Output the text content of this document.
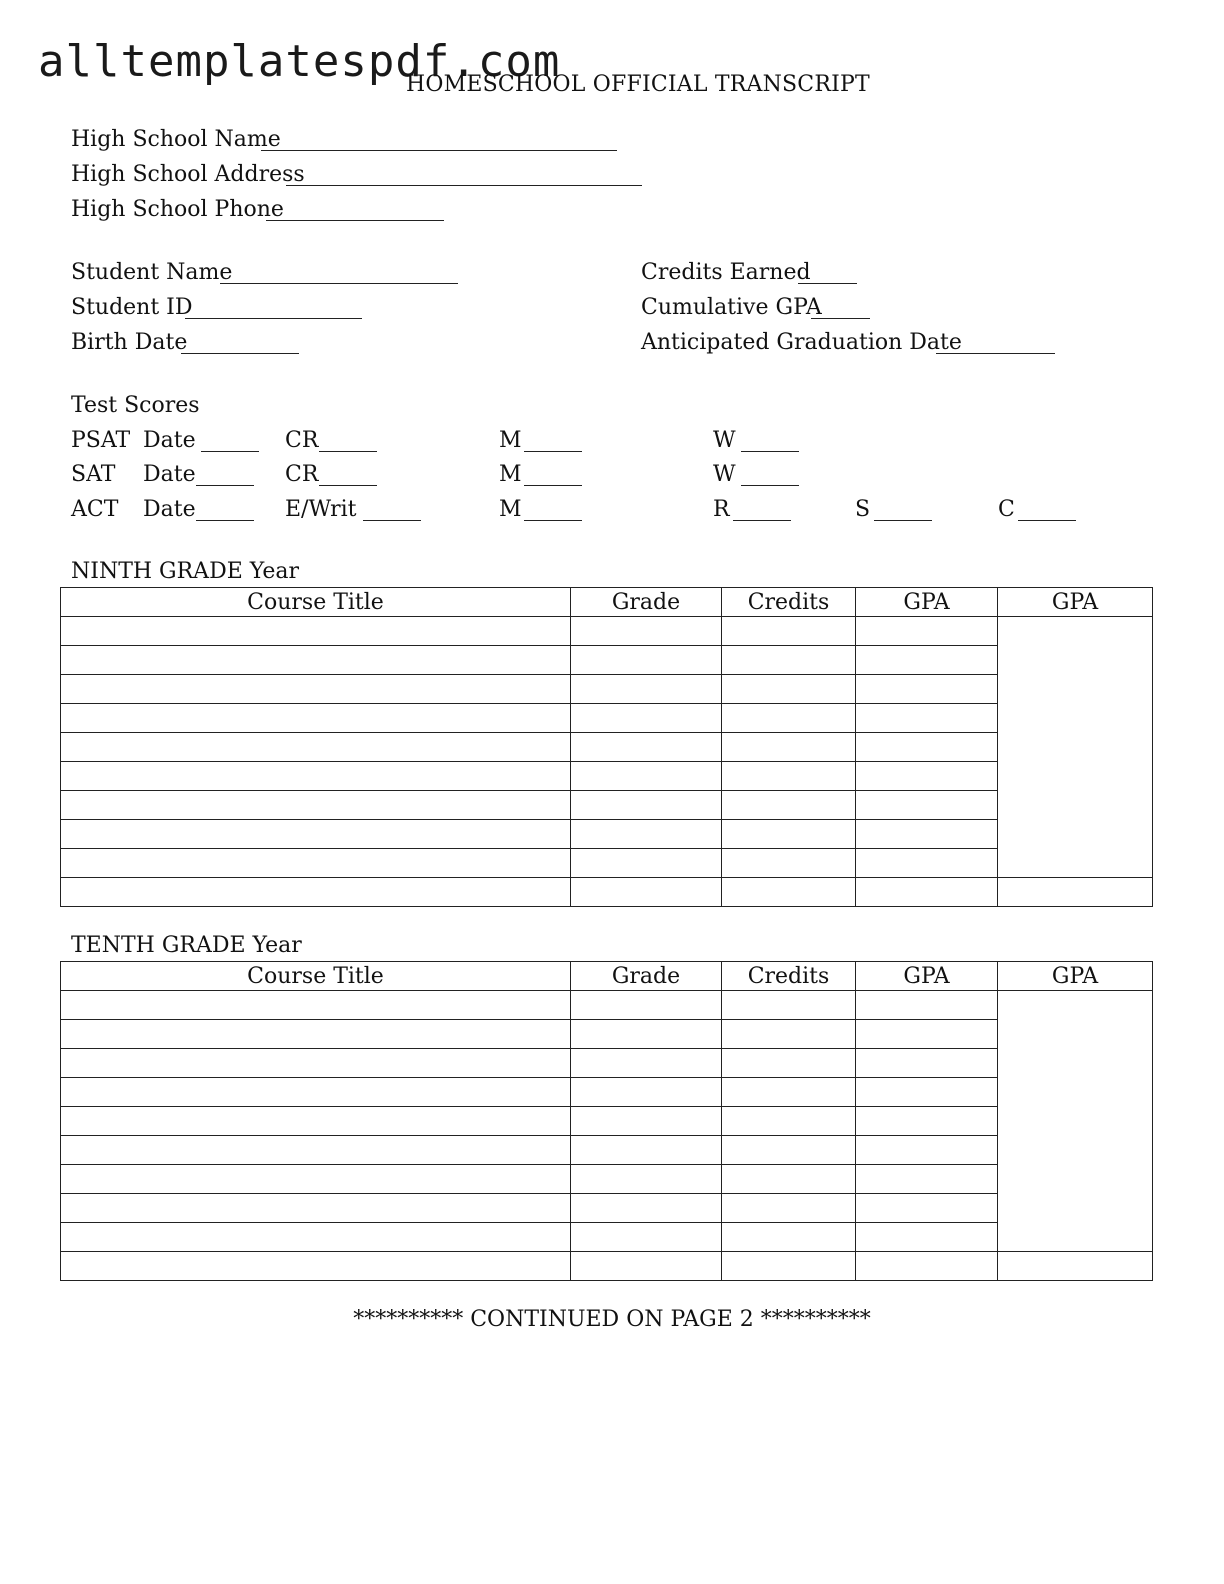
alltemplatespdf.com
HOMESCHOOL OFFICIAL TRANSCRIPT
High School Name
High School Address
High School Phone
Student Name
Student ID
Birth Date
Credits Earned
Cumulative GPA
Anticipated Graduation Date
Test Scores
PSAT Date	CR	M	W
SAT Date	CR	M	W
ACT Date	E/Writ	M	R	S	C
NINTH GRADE Year
Course Title	Grade	Credits	GPA	GPA

TENTH GRADE Year
Course Title	Grade	Credits	GPA	GPA

********** CONTINUED ON PAGE 2 **********
